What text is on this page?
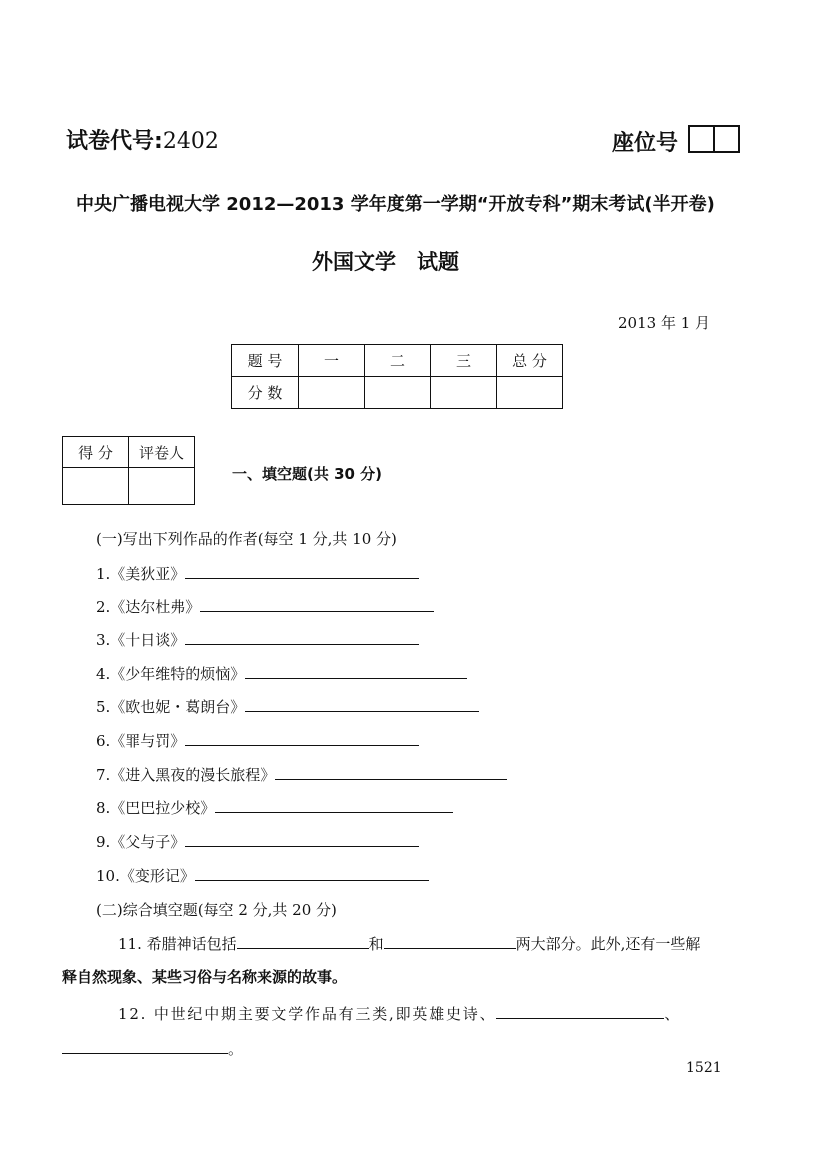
试卷代号:2402	座位号
中央广播电视大学 2012—2013 学年度第一学期“开放专科”期末考试(半开卷)
外国文学　试题
2013 年 1 月
题 号	一	二	三	总 分
分 数				
得 分	评卷人

一、填空题(共 30 分)
(一)写出下列作品的作者(每空 1 分,共 10 分)
1.《美狄亚》
2.《达尔杜弗》
3.《十日谈》
4.《少年维特的烦恼》
5.《欧也妮・葛朗台》
6.《罪与罚》
7.《进入黑夜的漫长旅程》
8.《巴巴拉少校》
9.《父与子》
10.《变形记》
(二)综合填空题(每空 2 分,共 20 分)
11. 希腊神话包括	和	两大部分。此外,还有一些解
释自然现象、某些习俗与名称来源的故事。
12. 中世纪中期主要文学作品有三类,即英雄史诗、	、
。
1521
